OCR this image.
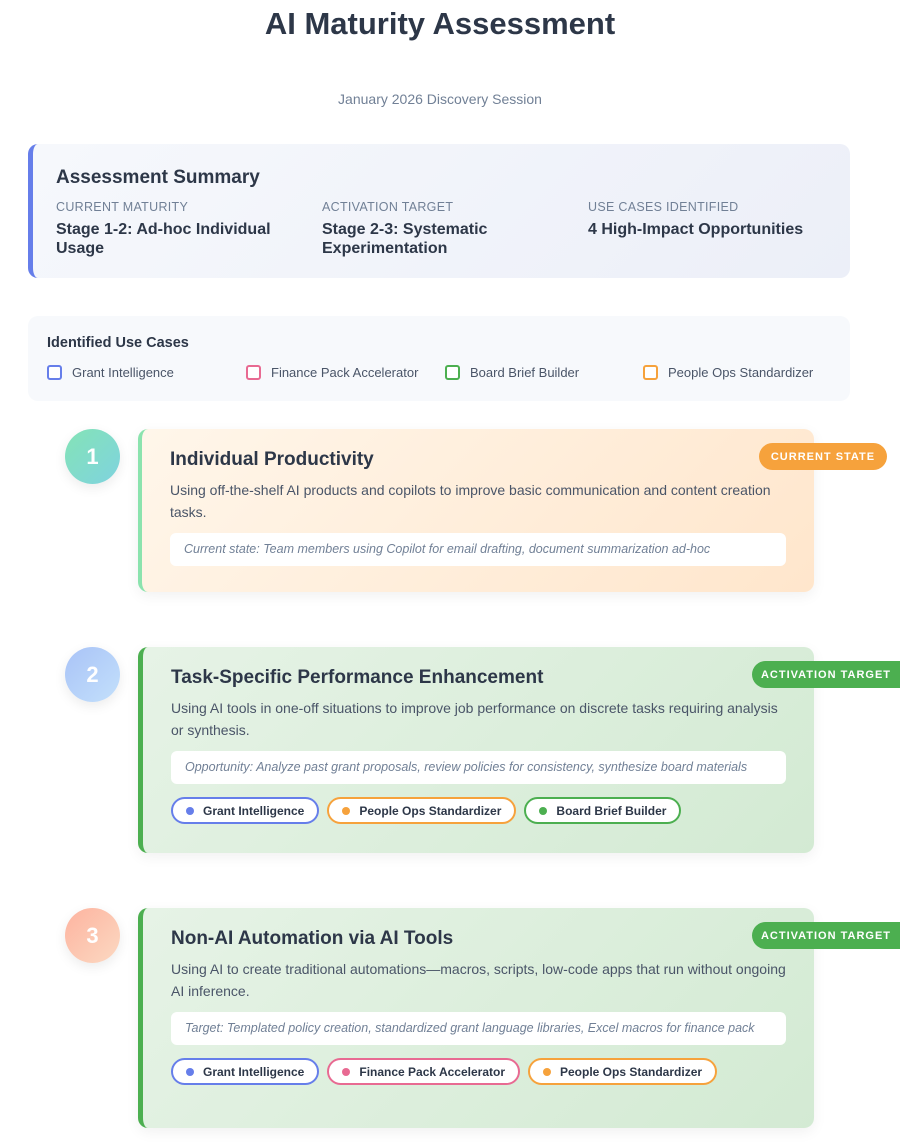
AI Maturity Assessment
January 2026 Discovery Session
Assessment Summary
CURRENT MATURITY
Stage 1-2: Ad-hoc Individual Usage
ACTIVATION TARGET
Stage 2-3: Systematic Experimentation
USE CASES IDENTIFIED
4 High-Impact Opportunities
Identified Use Cases
Grant Intelligence	Finance Pack Accelerator	Board Brief Builder	People Ops Standardizer
1	Individual Productivity
Using off-the-shelf AI products and copilots to improve basic communication and content creation tasks.
Current state: Team members using Copilot for email drafting, document summarization ad-hoc
CURRENT STATE
2	Task-Specific Performance Enhancement
Using AI tools in one-off situations to improve job performance on discrete tasks requiring analysis or synthesis.
Opportunity: Analyze past grant proposals, review policies for consistency, synthesize board materials
Grant Intelligence	People Ops Standardizer	Board Brief Builder
ACTIVATION TARGET
3	Non-AI Automation via AI Tools
Using AI to create traditional automations—macros, scripts, low-code apps that run without ongoing AI inference.
Target: Templated policy creation, standardized grant language libraries, Excel macros for finance pack
Grant Intelligence	Finance Pack Accelerator	People Ops Standardizer
ACTIVATION TARGET
